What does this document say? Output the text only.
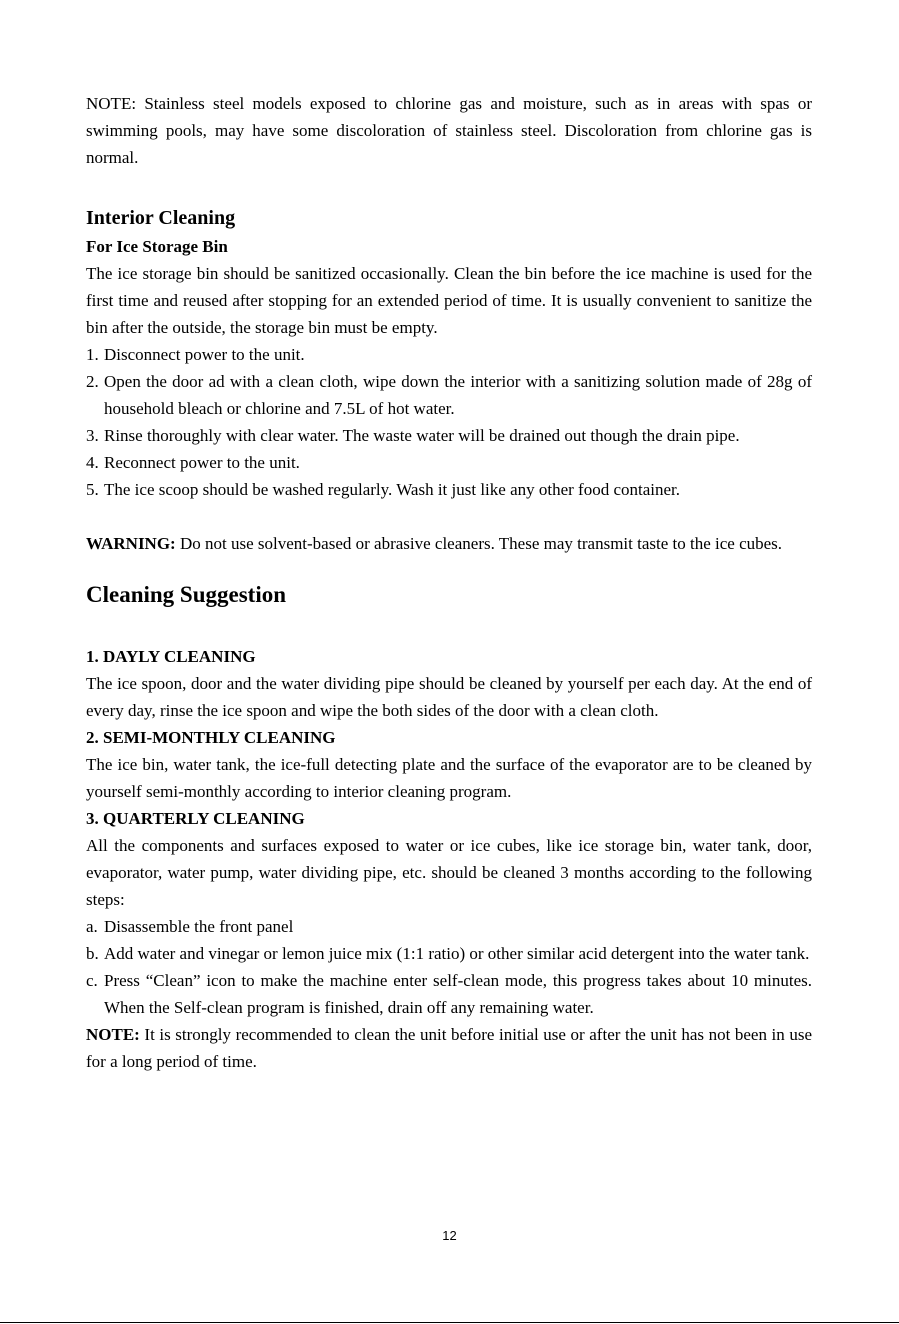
NOTE: Stainless steel models exposed to chlorine gas and moisture, such as in areas with spas or swimming pools, may have some discoloration of stainless steel. Discoloration from chlorine gas is normal.

Interior Cleaning
For Ice Storage Bin

The ice storage bin should be sanitized occasionally. Clean the bin before the ice machine is used for the first time and reused after stopping for an extended period of time. It is usually convenient to sanitize the bin after the outside, the storage bin must be empty.

1. Disconnect power to the unit.
2. Open the door ad with a clean cloth, wipe down the interior with a sanitizing solution made of 28g of household bleach or chlorine and 7.5L of hot water.
3. Rinse thoroughly with clear water. The waste water will be drained out though the drain pipe.
4. Reconnect power to the unit.
5. The ice scoop should be washed regularly. Wash it just like any other food container.

WARNING: Do not use solvent-based or abrasive cleaners. These may transmit taste to the ice cubes.

Cleaning Suggestion
1. DAYLY CLEANING

The ice spoon, door and the water dividing pipe should be cleaned by yourself per each day. At the end of every day, rinse the ice spoon and wipe the both sides of the door with a clean cloth.

2. SEMI-MONTHLY CLEANING

The ice bin, water tank, the ice-full detecting plate and the surface of the evaporator are to be cleaned by yourself semi-monthly according to interior cleaning program.

3. QUARTERLY CLEANING

All the components and surfaces exposed to water or ice cubes, like ice storage bin, water tank, door, evaporator, water pump, water dividing pipe, etc. should be cleaned 3 months according to the following steps:

a. Disassemble the front panel
b. Add water and vinegar or lemon juice mix (1:1 ratio) or other similar acid detergent into the water tank.
c. Press “Clean” icon to make the machine enter self-clean mode, this progress takes about 10 minutes. When the Self-clean program is finished, drain off any remaining water.

NOTE: It is strongly recommended to clean the unit before initial use or after the unit has not been in use for a long period of time.

12
